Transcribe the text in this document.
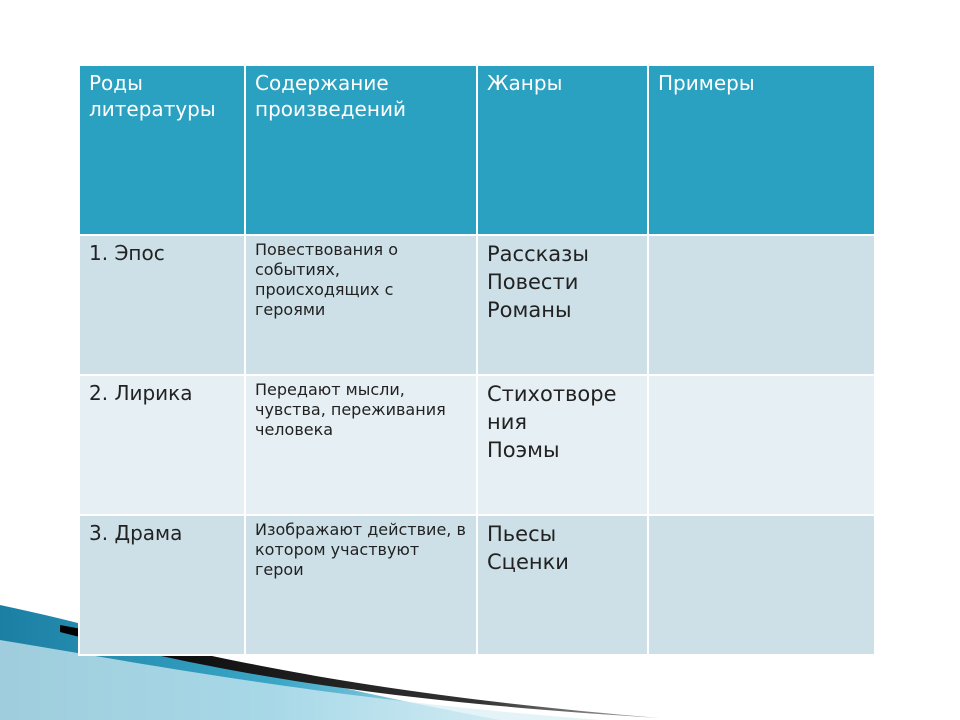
Роды литературы	Содержание произведений	Жанры	Примеры
1. Эпос	Повествования о событиях, происходящих с героями	Рассказы
Повести
Романы	

2. Лирика	Передают мысли, чувства, переживания человека	Стихотворе ния
Поэмы	

3. Драма	Изображают действие, в котором участвуют герои	Пьесы
Сценки	
